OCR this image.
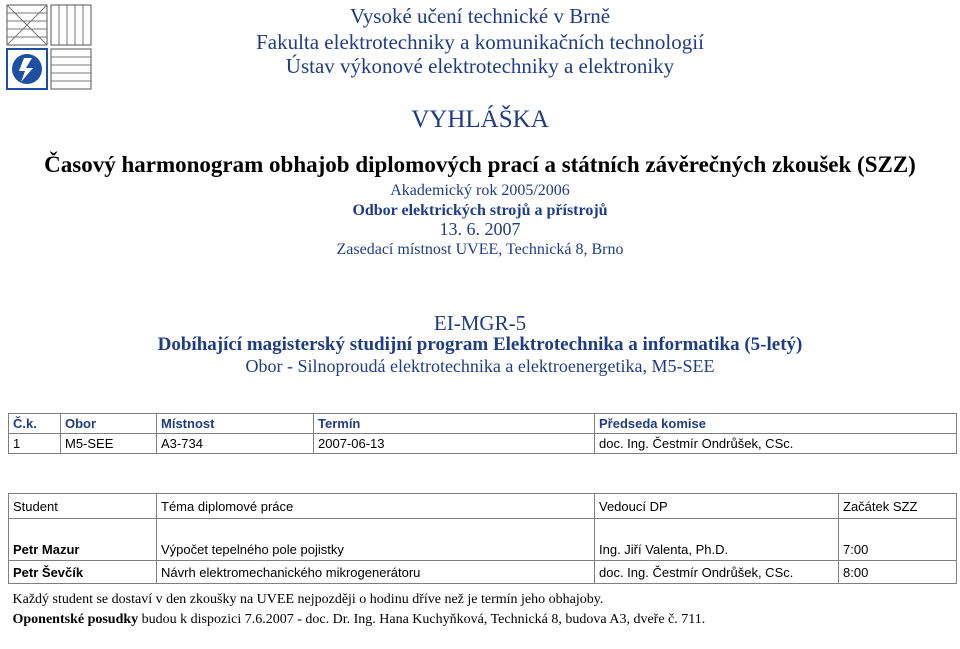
Vysoké učení technické v Brně
Fakulta elektrotechniky a komunikačních technologií
Ústav výkonové elektrotechniky a elektroniky
VYHLÁŠKA
Časový harmonogram obhajob diplomových prací a státních závěrečných zkoušek (SZZ)
Akademický rok 2005/2006
Odbor elektrických strojů a přístrojů
13. 6. 2007
Zasedací místnost UVEE, Technická 8, Brno
EI-MGR-5
Dobíhající magisterský studijní program Elektrotechnika a informatika (5-letý)
Obor - Silnoproudá elektrotechnika a elektroenergetika, M5-SEE
Č.k.	Obor	Místnost	Termín	Předseda komise
1	M5-SEE	A3-734	2007-06-13	doc. Ing. Čestmír Ondrůšek, CSc.
Student	Téma diplomové práce	Vedoucí DP	Začátek SZZ

Petr Mazur	Výpočet tepelného pole pojistky	Ing. Jiří Valenta, Ph.D.	7:00
Petr Ševčík	Návrh elektromechanického mikrogenerátoru	doc. Ing. Čestmír Ondrůšek, CSc.	8:00

Každý student se dostaví v den zkoušky na UVEE nejpozději o hodinu dříve než je termín jeho obhajoby.
Oponentské posudky budou k dispozici 7.6.2007 - doc. Dr. Ing. Hana Kuchyňková, Technická 8, budova A3, dveře č. 711.			
